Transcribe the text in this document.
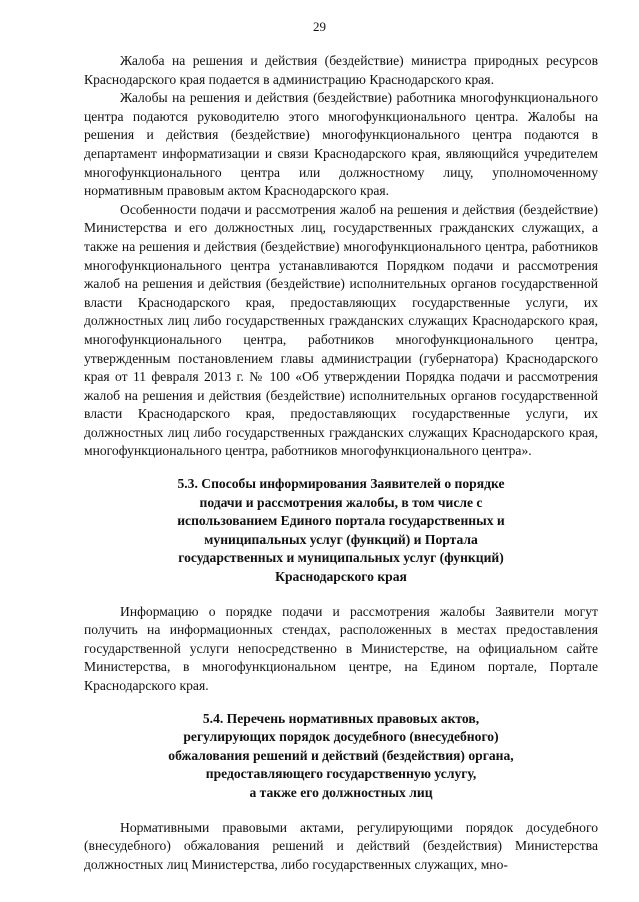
29

Жалоба на решения и действия (бездействие) министра природных ресурсов Краснодарского края подается в администрацию Краснодарского края.

Жалобы на решения и действия (бездействие) работника многофункционального центра подаются руководителю этого многофункционального центра. Жалобы на решения и действия (бездействие) многофункционального центра подаются в департамент информатизации и связи Краснодарского края, являющийся учредителем многофункционального центра или должностному лицу, уполномоченному нормативным правовым актом Краснодарского края.

Особенности подачи и рассмотрения жалоб на решения и действия (бездействие) Министерства и его должностных лиц, государственных гражданских служащих, а также на решения и действия (бездействие) многофункционального центра, работников многофункционального центра устанавливаются Порядком подачи и рассмотрения жалоб на решения и действия (бездействие) исполнительных органов государственной власти Краснодарского края, предоставляющих государственные услуги, их должностных лиц либо государственных гражданских служащих Краснодарского края, многофункционального центра, работников многофункционального центра, утвержденным постановлением главы администрации (губернатора) Краснодарского края от 11 февраля 2013 г. № 100 «Об утверждении Порядка подачи и рассмотрения жалоб на решения и действия (бездействие) исполнительных органов государственной власти Краснодарского края, предоставляющих государственные услуги, их должностных лиц либо государственных гражданских служащих Краснодарского края, многофункционального центра, работников многофункционального центра».

5.3. Способы информирования Заявителей о порядке

подачи и рассмотрения жалобы, в том числе с

использованием Единого портала государственных и

муниципальных услуг (функций) и Портала

государственных и муниципальных услуг (функций)

Краснодарского края

Информацию о порядке подачи и рассмотрения жалобы Заявители могут получить на информационных стендах, расположенных в местах предоставления государственной услуги непосредственно в Министерстве, на официальном сайте Министерства, в многофункциональном центре, на Едином портале, Портале Краснодарского края.

5.4. Перечень нормативных правовых актов,

регулирующих порядок досудебного (внесудебного)

обжалования решений и действий (бездействия) органа,

предоставляющего государственную услугу,

а также его должностных лиц

Нормативными правовыми актами, регулирующими порядок досудебного (внесудебного) обжалования решений и действий (бездействия) Министерства должностных лиц Министерства, либо государственных служащих, мно-
